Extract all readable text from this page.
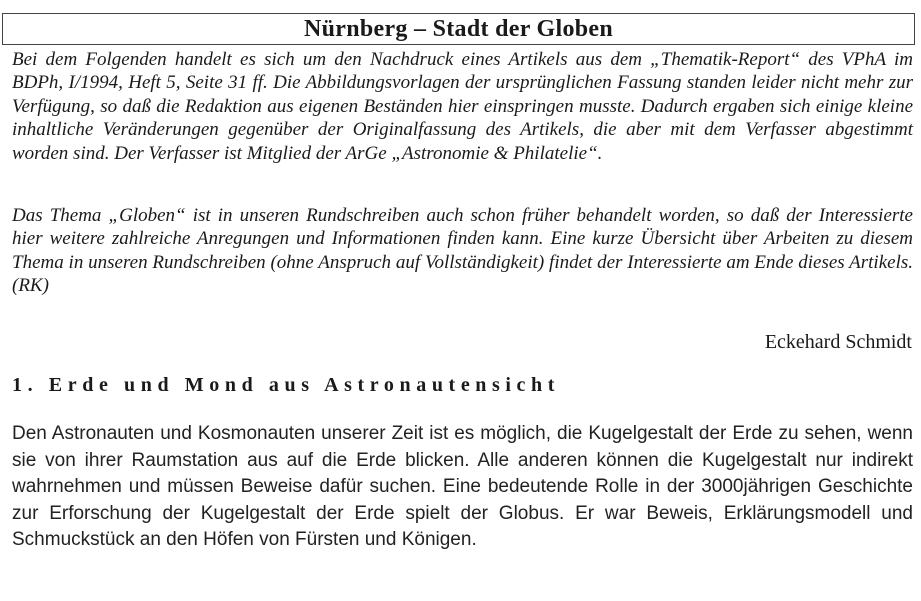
Nürnberg – Stadt der Globen

Bei dem Folgenden handelt es sich um den Nachdruck eines Artikels aus dem „Thematik-Report“ des VPhA im BDPh, I/1994, Heft 5, Seite 31 ff. Die Abbildungsvorlagen der ursprünglichen Fassung standen leider nicht mehr zur Verfügung, so daß die Redaktion aus eigenen Beständen hier einspringen musste. Dadurch ergaben sich einige kleine inhaltliche Veränderungen gegenüber der Originalfassung des Artikels, die aber mit dem Verfasser abgestimmt worden sind. Der Verfasser ist Mitglied der ArGe „Astronomie & Philatelie“.

Das Thema „Globen“ ist in unseren Rundschreiben auch schon früher behandelt worden, so daß der Interessierte hier weitere zahlreiche Anregungen und Informationen finden kann. Eine kurze Übersicht über Arbeiten zu diesem Thema in unseren Rundschreiben (ohne Anspruch auf Vollständigkeit) findet der Interessierte am Ende dieses Artikels. (RK)

Eckehard Schmidt
1. Erde und Mond aus Astronautensicht

Den Astronauten und Kosmonauten unserer Zeit ist es möglich, die Kugelgestalt der Erde zu sehen, wenn sie von ihrer Raumstation aus auf die Erde blicken. Alle anderen können die Kugelgestalt nur indirekt wahrnehmen und müssen Beweise dafür suchen. Eine bedeutende Rolle in der 3000jährigen Geschichte zur Erforschung der Kugelgestalt der Erde spielt der Globus. Er war Beweis, Erklärungsmodell und Schmuckstück an den Höfen von Fürsten und Königen.
